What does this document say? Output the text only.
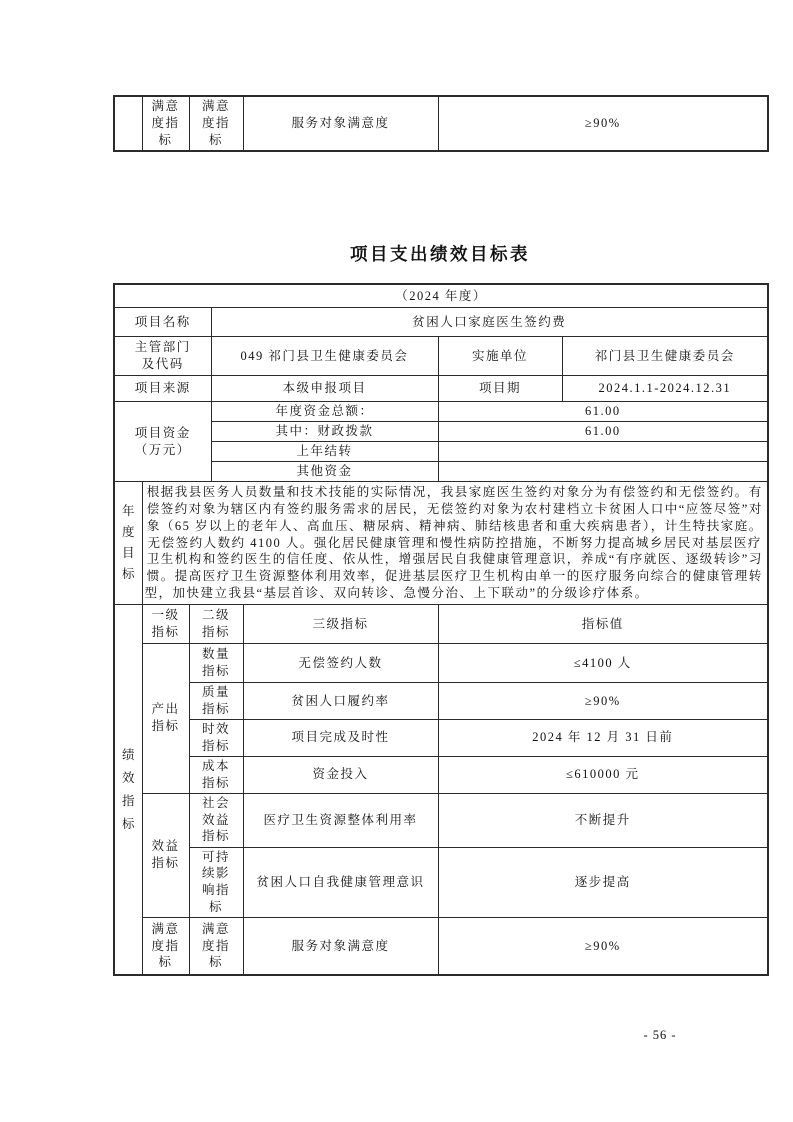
	满意度指标	满意度指标	服务对象满意度	≥90%
项目支出绩效目标表
（2024 年度）						
项目名称			贫困人口家庭医生签约费			
主管部门及代码			049 祁门县卫生健康委员会		实施单位	祁门县卫生健康委员会
项目来源			本级申报项目		项目期	2024.1.1-2024.12.31
项目资金（万元）			年度资金总额：		61.00	
			其中：财政拨款		61.00	
			上年结转			
			其他资金			
年度目标	根据我县医务人员数量和技术技能的实际情况，我县家庭医生签约对象分为有偿签约和无偿签约。有偿签约对象为辖区内有签约服务需求的居民，无偿签约对象为农村建档立卡贫困人口中“应签尽签”对象（65 岁以上的老年人、高血压、糖尿病、精神病、肺结核患者和重大疾病患者），计生特扶家庭。无偿签约人数约 4100 人。强化居民健康管理和慢性病防控措施，不断努力提高城乡居民对基层医疗卫生机构和签约医生的信任度、依从性，增强居民自我健康管理意识，养成“有序就医、逐级转诊”习惯。提高医疗卫生资源整体利用效率，促进基层医疗卫生机构由单一的医疗服务向综合的健康管理转型，加快建立我县“基层首诊、双向转诊、急慢分治、上下联动”的分级诊疗体系。					
绩效指标	一级指标	二级指标		三级指标	指标值	
	产出指标	数量指标		无偿签约人数	≤4100 人	
		质量指标		贫困人口履约率	≥90%	
		时效指标		项目完成及时性	2024 年 12 月 31 日前	
		成本指标		资金投入	≤610000 元	
	效益指标	社会效益指标		医疗卫生资源整体利用率	不断提升	
		可持续影响指标		贫困人口自我健康管理意识	逐步提高	
	满意度指标	满意度指标		服务对象满意度	≥90%	
- 56 -
